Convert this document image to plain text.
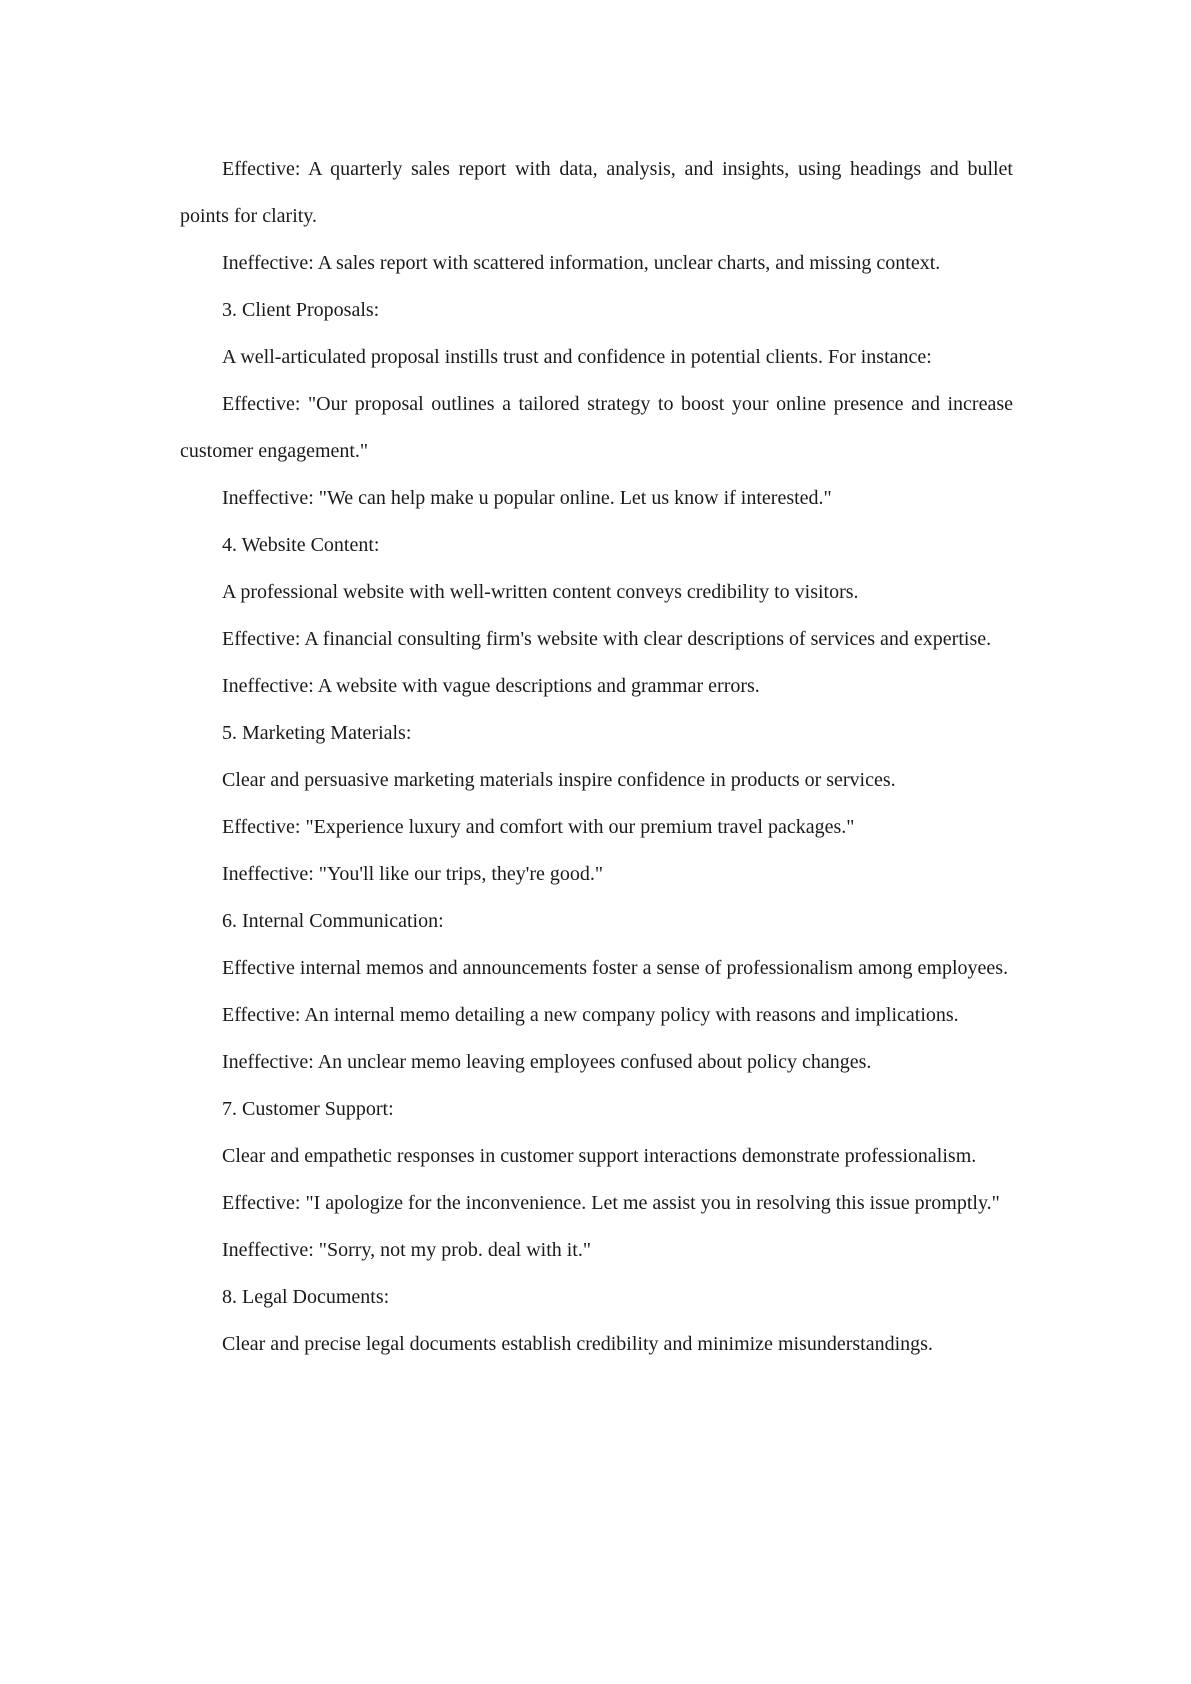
Effective: A quarterly sales report with data, analysis, and insights, using headings and bullet points for clarity.

Ineffective: A sales report with scattered information, unclear charts, and missing context.

3. Client Proposals:

A well-articulated proposal instills trust and confidence in potential clients. For instance:

Effective: "Our proposal outlines a tailored strategy to boost your online presence and increase customer engagement."

Ineffective: "We can help make u popular online. Let us know if interested."

4. Website Content:

A professional website with well-written content conveys credibility to visitors.

Effective: A financial consulting firm's website with clear descriptions of services and expertise.

Ineffective: A website with vague descriptions and grammar errors.

5. Marketing Materials:

Clear and persuasive marketing materials inspire confidence in products or services.

Effective: "Experience luxury and comfort with our premium travel packages."

Ineffective: "You'll like our trips, they're good."

6. Internal Communication:

Effective internal memos and announcements foster a sense of professionalism among employees.

Effective: An internal memo detailing a new company policy with reasons and implications.

Ineffective: An unclear memo leaving employees confused about policy changes.

7. Customer Support:

Clear and empathetic responses in customer support interactions demonstrate professionalism.

Effective: "I apologize for the inconvenience. Let me assist you in resolving this issue promptly."

Ineffective: "Sorry, not my prob. deal with it."

8. Legal Documents:

Clear and precise legal documents establish credibility and minimize misunderstandings.
